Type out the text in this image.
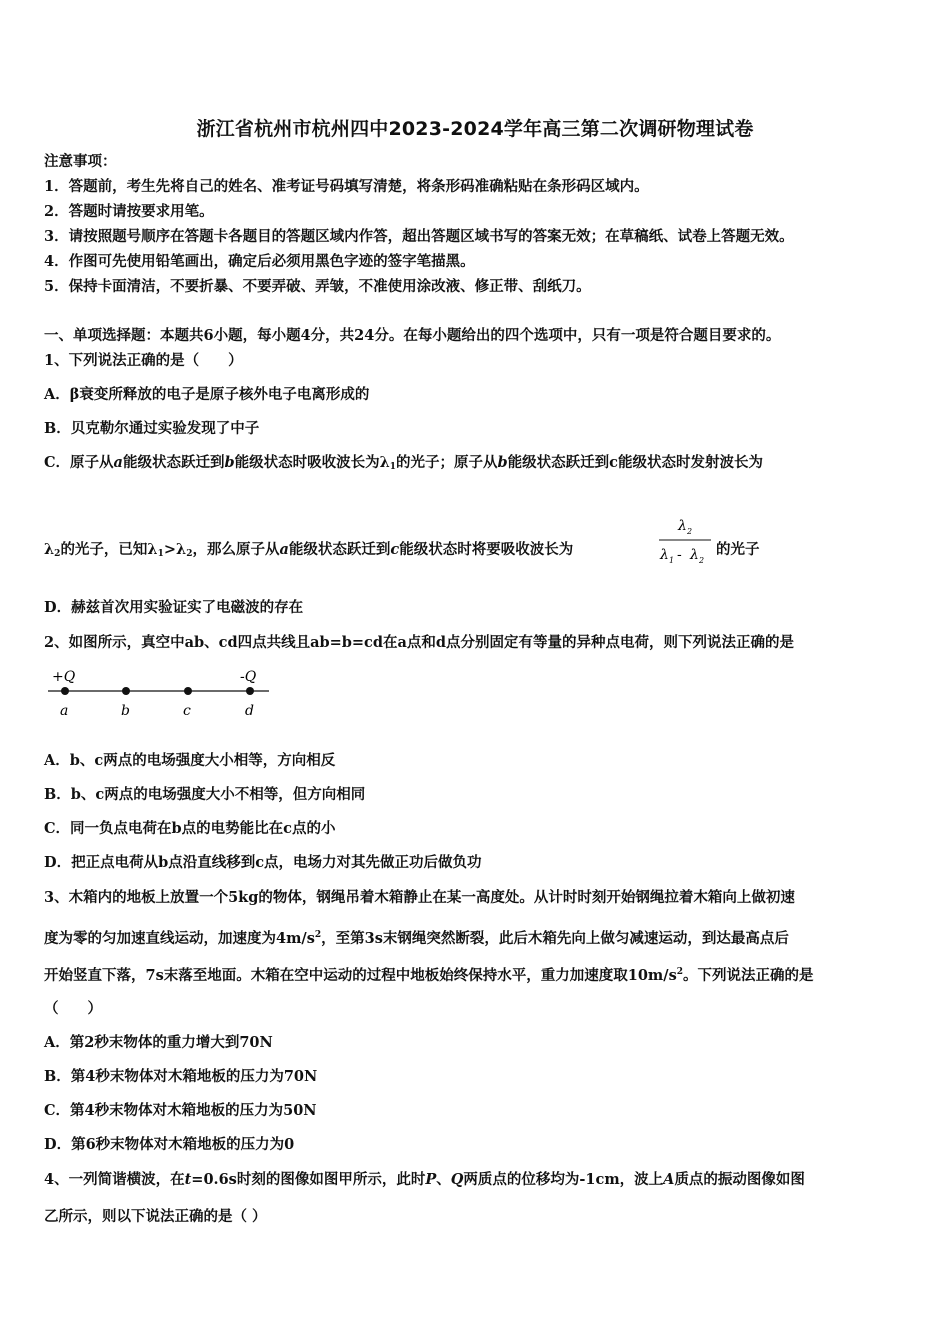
浙江省杭州市杭州四中2023-2024学年高三第二次调研物理试卷
注意事项：
1．答题前，考生先将自己的姓名、准考证号码填写清楚，将条形码准确粘贴在条形码区域内。
2．答题时请按要求用笔。
3．请按照题号顺序在答题卡各题目的答题区域内作答，超出答题区域书写的答案无效；在草稿纸、试卷上答题无效。
4．作图可先使用铅笔画出，确定后必须用黑色字迹的签字笔描黑。
5．保持卡面清洁，不要折暴、不要弄破、弄皱，不准使用涂改液、修正带、刮纸刀。
一、单项选择题：本题共6小题，每小题4分，共24分。在每小题给出的四个选项中，只有一项是符合题目要求的。
1、下列说法正确的是（　　）
A．β衰变所释放的电子是原子核外电子电离形成的
B．贝克勒尔通过实验发现了中子
C．原子从a能级状态跃迁到b能级状态时吸收波长为$\lambda_1$的光子；原子从b能级状态跃迁到c能级状态时发射波长为
$\lambda_2$的光子，已知$\lambda_1>\lambda_2$，那么原子从a能级状态跃迁到c能级状态时将要吸收波长为
λ 2
λ 1 - λ 2
的光子
D．赫兹首次用实验证实了电磁波的存在
2、如图所示，真空中ab、cd四点共线且ab=b=cd在a点和d点分别固定有等量的异种点电荷，则下列说法正确的是
+Q	-Q
a	b	c	d
A．b、c两点的电场强度大小相等，方向相反
B．b、c两点的电场强度大小不相等，但方向相同
C．同一负点电荷在b点的电势能比在c点的小
D．把正点电荷从b点沿直线移到c点，电场力对其先做正功后做负功
3、木箱内的地板上放置一个5kg的物体，钢绳吊着木箱静止在某一高度处。从计时时刻开始钢绳拉着木箱向上做初速
度为零的匀加速直线运动，加速度为$4m/s^2$，至第3s末钢绳突然断裂，此后木箱先向上做匀减速运动，到达最高点后
开始竖直下落，7s末落至地面。木箱在空中运动的过程中地板始终保持水平，重力加速度取$10m/s^2$。下列说法正确的是
（　　）
A．第2秒末物体的重力增大到70N
B．第4秒末物体对木箱地板的压力为70N
C．第4秒末物体对木箱地板的压力为50N
D．第6秒末物体对木箱地板的压力为0
4、一列简谐横波，在t=0.6s时刻的图像如图甲所示，此时P、Q两质点的位移均为-1cm，波上A质点的振动图像如图
乙所示，则以下说法正确的是（ ）
